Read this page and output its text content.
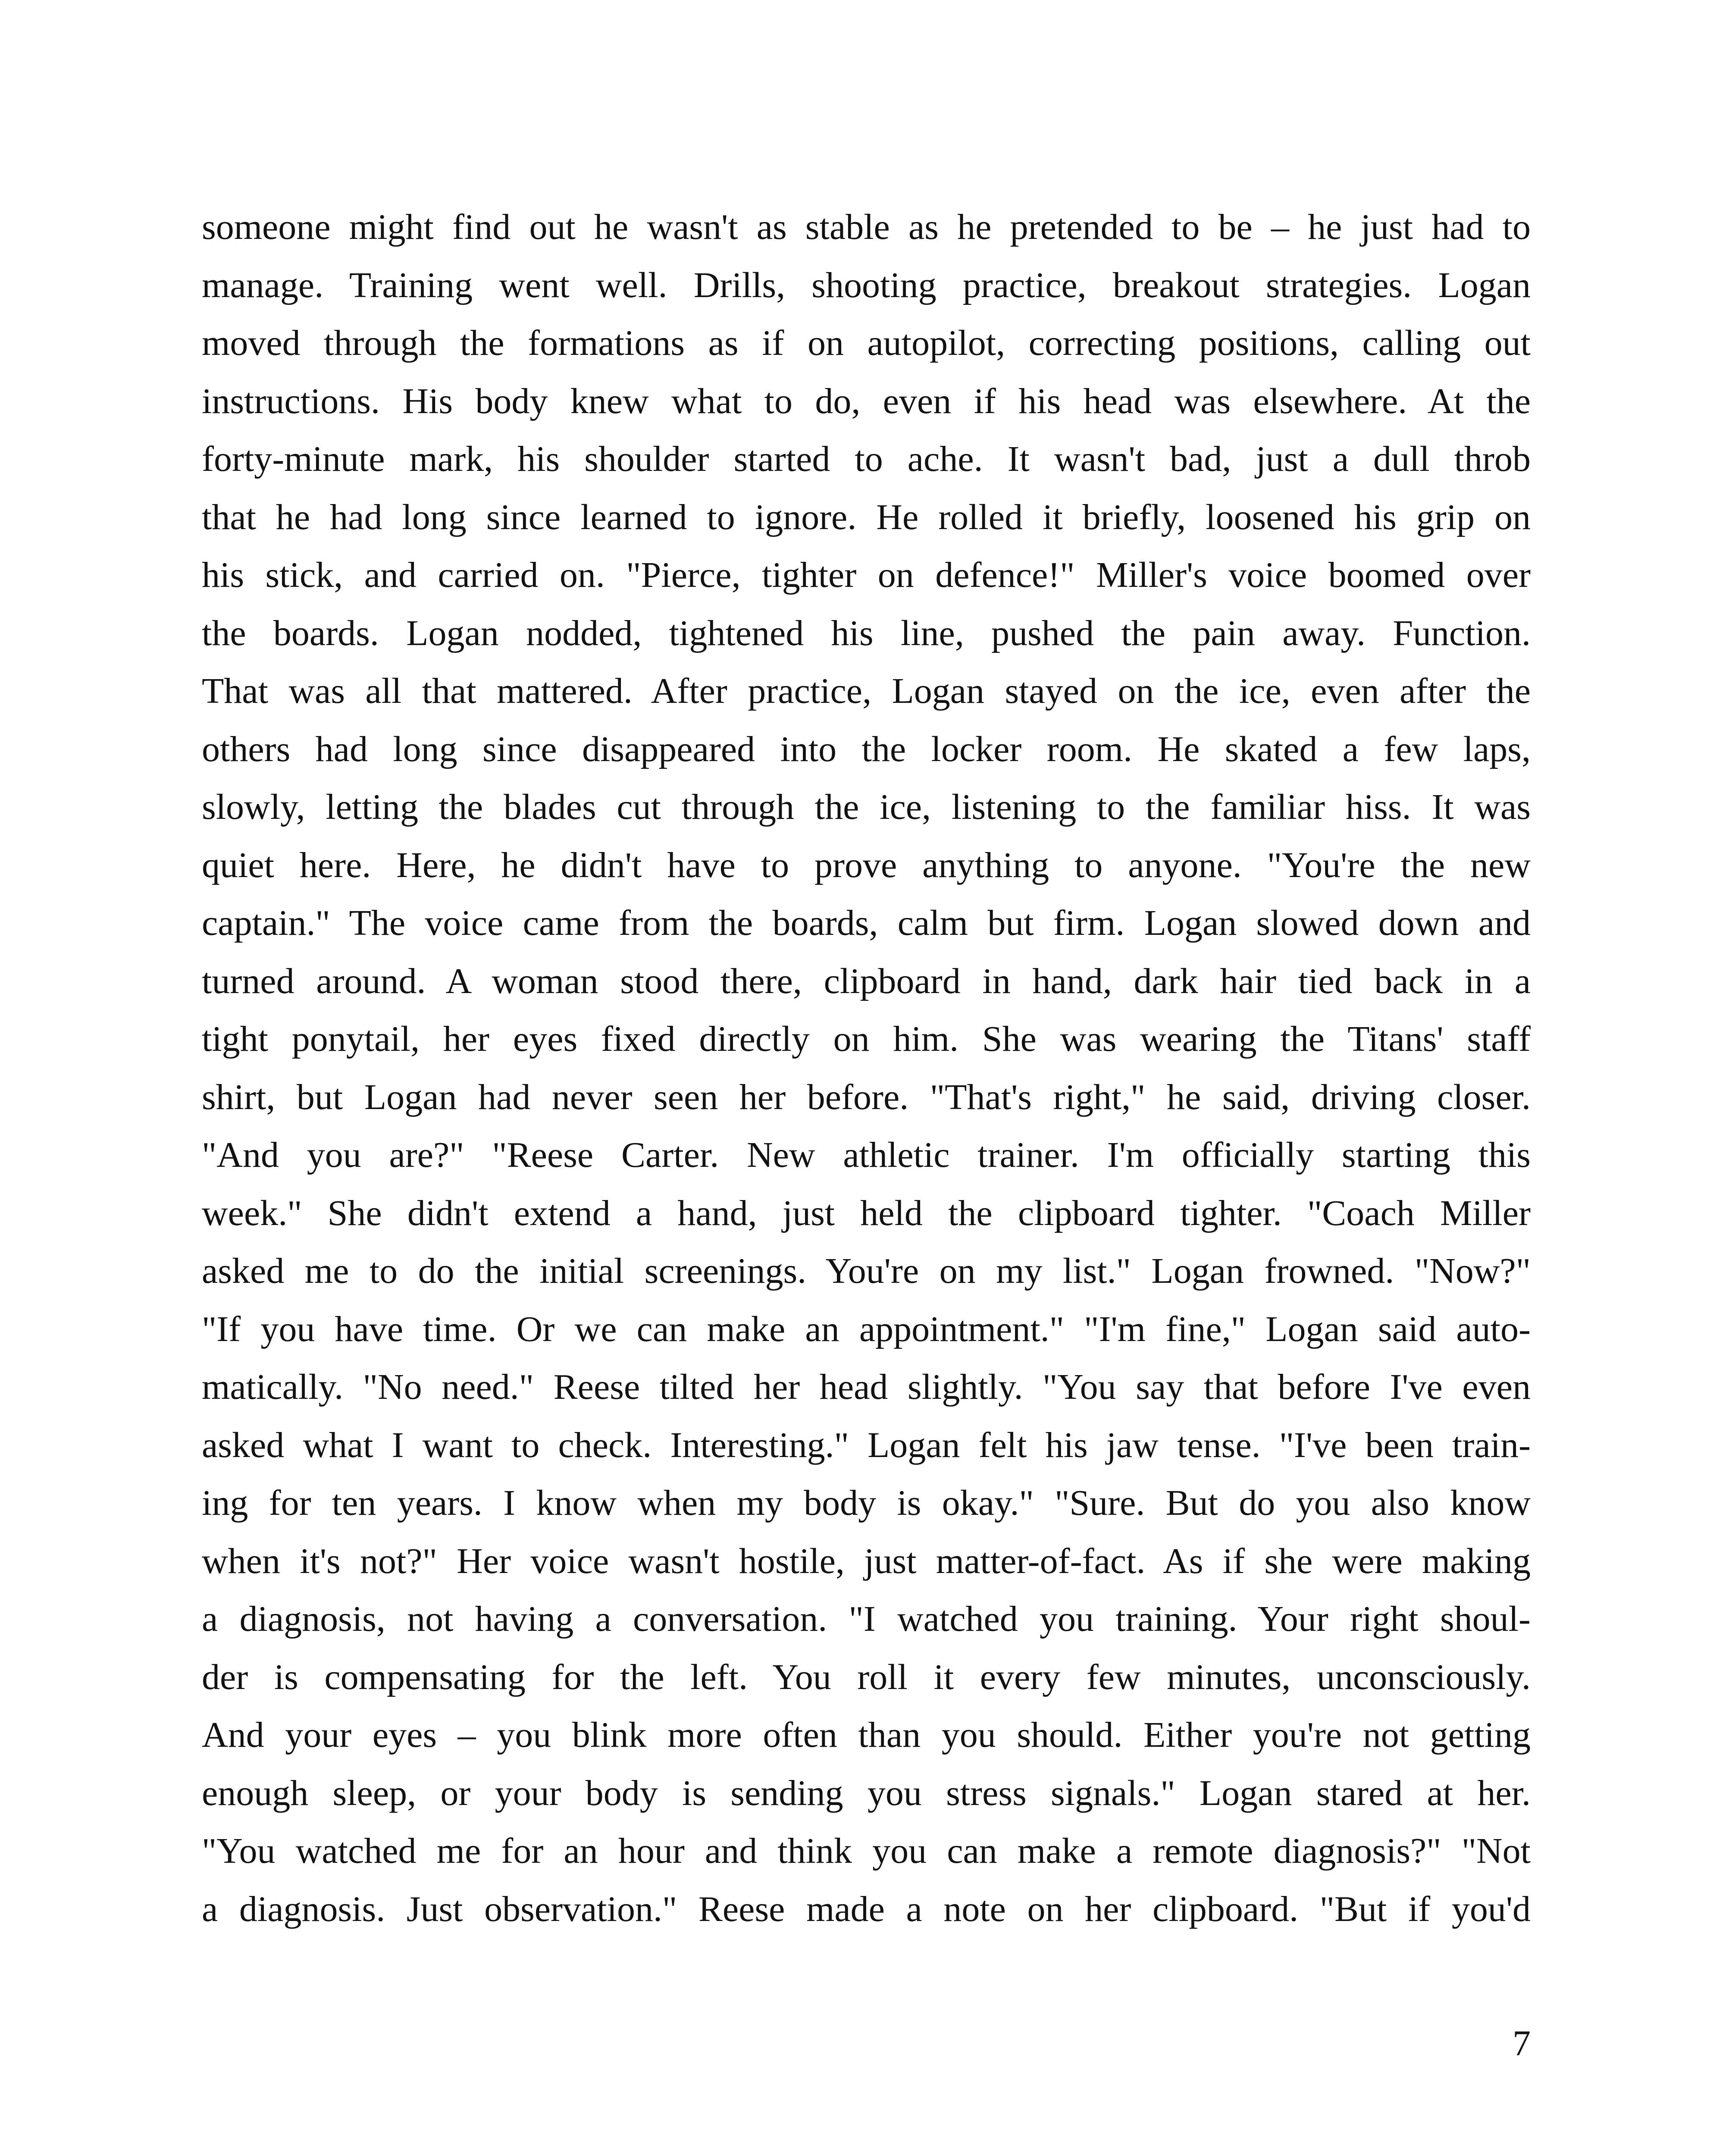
someone might find out he wasn't as stable as he pretended to be – he just had to
manage. Training went well. Drills, shooting practice, breakout strategies. Logan
moved through the formations as if on autopilot, correcting positions, calling out
instructions. His body knew what to do, even if his head was elsewhere. At the
forty-minute mark, his shoulder started to ache. It wasn't bad, just a dull throb
that he had long since learned to ignore. He rolled it briefly, loosened his grip on
his stick, and carried on. "Pierce, tighter on defence!" Miller's voice boomed over
the boards. Logan nodded, tightened his line, pushed the pain away. Function.
That was all that mattered. After practice, Logan stayed on the ice, even after the
others had long since disappeared into the locker room. He skated a few laps,
slowly, letting the blades cut through the ice, listening to the familiar hiss. It was
quiet here. Here, he didn't have to prove anything to anyone. "You're the new
captain." The voice came from the boards, calm but firm. Logan slowed down and
turned around. A woman stood there, clipboard in hand, dark hair tied back in a
tight ponytail, her eyes fixed directly on him. She was wearing the Titans' staff
shirt, but Logan had never seen her before. "That's right," he said, driving closer.
"And you are?" "Reese Carter. New athletic trainer. I'm officially starting this
week." She didn't extend a hand, just held the clipboard tighter. "Coach Miller
asked me to do the initial screenings. You're on my list." Logan frowned. "Now?"
"If you have time. Or we can make an appointment." "I'm fine," Logan said auto-
matically. "No need." Reese tilted her head slightly. "You say that before I've even
asked what I want to check. Interesting." Logan felt his jaw tense. "I've been train-
ing for ten years. I know when my body is okay." "Sure. But do you also know
when it's not?" Her voice wasn't hostile, just matter-of-fact. As if she were making
a diagnosis, not having a conversation. "I watched you training. Your right shoul-
der is compensating for the left. You roll it every few minutes, unconsciously.
And your eyes – you blink more often than you should. Either you're not getting
enough sleep, or your body is sending you stress signals." Logan stared at her.
"You watched me for an hour and think you can make a remote diagnosis?" "Not
a diagnosis. Just observation." Reese made a note on her clipboard. "But if you'd
7
